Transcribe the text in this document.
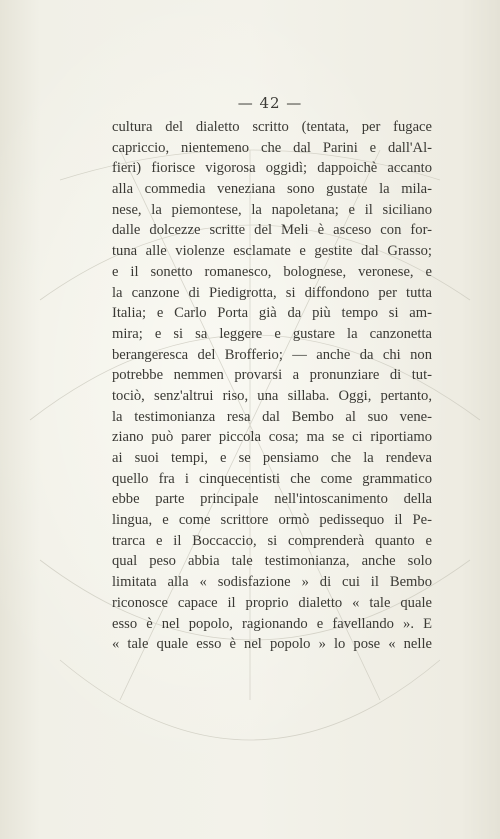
— 42 —
cultura del dialetto scritto (tentata, per fugace
capriccio, nientemeno che dal Parini e dall'Al-
fieri) fiorisce vigorosa oggidì; dappoichè accanto
alla commedia veneziana sono gustate la mila-
nese, la piemontese, la napoletana; e il siciliano
dalle dolcezze scritte del Meli è asceso con for-
tuna alle violenze esclamate e gestite dal Grasso;
e il sonetto romanesco, bolognese, veronese, e
la canzone di Piedigrotta, si diffondono per tutta
Italia; e Carlo Porta già da più tempo si am-
mira; e si sa leggere e gustare la canzonetta
berangeresca del Brofferio; — anche da chi non
potrebbe nemmen provarsi a pronunziare di tut-
tociò, senz'altrui riso, una sillaba. Oggi, pertanto,
la testimonianza resa dal Bembo al suo vene-
ziano può parer piccola cosa; ma se ci riportiamo
ai suoi tempi, e se pensiamo che la rendeva
quello fra i cinquecentisti che come grammatico
ebbe parte principale nell'intoscanimento della
lingua, e come scrittore ormò pedissequo il Pe-
trarca e il Boccaccio, si comprenderà quanto e
qual peso abbia tale testimonianza, anche solo
limitata alla « sodisfazione » di cui il Bembo
riconosce capace il proprio dialetto « tale quale
esso è nel popolo, ragionando e favellando ». E
« tale quale esso è nel popolo » lo pose « nelle
